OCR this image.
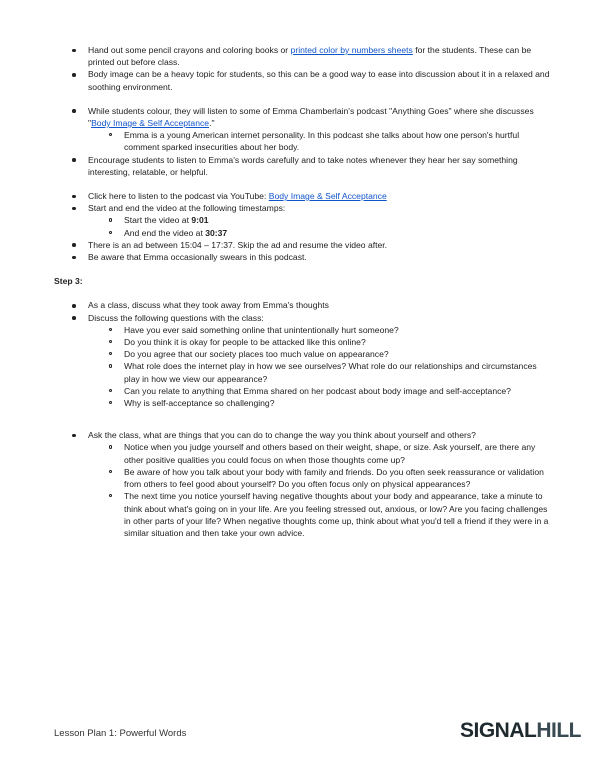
Hand out some pencil crayons and coloring books or printed color by numbers sheets for the students. These can be printed out before class.
Body image can be a heavy topic for students, so this can be a good way to ease into discussion about it in a relaxed and soothing environment.
While students colour, they will listen to some of Emma Chamberlain's podcast "Anything Goes" where she discusses "Body Image & Self Acceptance."
Emma is a young American internet personality. In this podcast she talks about how one person's hurtful comment sparked insecurities about her body.
Encourage students to listen to Emma's words carefully and to take notes whenever they hear her say something interesting, relatable, or helpful.
Click here to listen to the podcast via YouTube: Body Image & Self Acceptance
Start and end the video at the following timestamps:
Start the video at 9:01
And end the video at 30:37
There is an ad between 15:04 – 17:37. Skip the ad and resume the video after.
Be aware that Emma occasionally swears in this podcast.

Step 3:

As a class, discuss what they took away from Emma's thoughts
Discuss the following questions with the class:
Have you ever said something online that unintentionally hurt someone?
Do you think it is okay for people to be attacked like this online?
Do you agree that our society places too much value on appearance?
What role does the internet play in how we see ourselves? What role do our relationships and circumstances play in how we view our appearance?
Can you relate to anything that Emma shared on her podcast about body image and self-acceptance?
Why is self-acceptance so challenging?
Ask the class, what are things that you can do to change the way you think about yourself and others?
Notice when you judge yourself and others based on their weight, shape, or size. Ask yourself, are there any other positive qualities you could focus on when those thoughts come up?
Be aware of how you talk about your body with family and friends. Do you often seek reassurance or validation from others to feel good about yourself? Do you often focus only on physical appearances?
The next time you notice yourself having negative thoughts about your body and appearance, take a minute to think about what's going on in your life. Are you feeling stressed out, anxious, or low? Are you facing challenges in other parts of your life? When negative thoughts come up, think about what you'd tell a friend if they were in a similar situation and then take your own advice.
Lesson Plan 1: Powerful Words	SIGNALHILL
